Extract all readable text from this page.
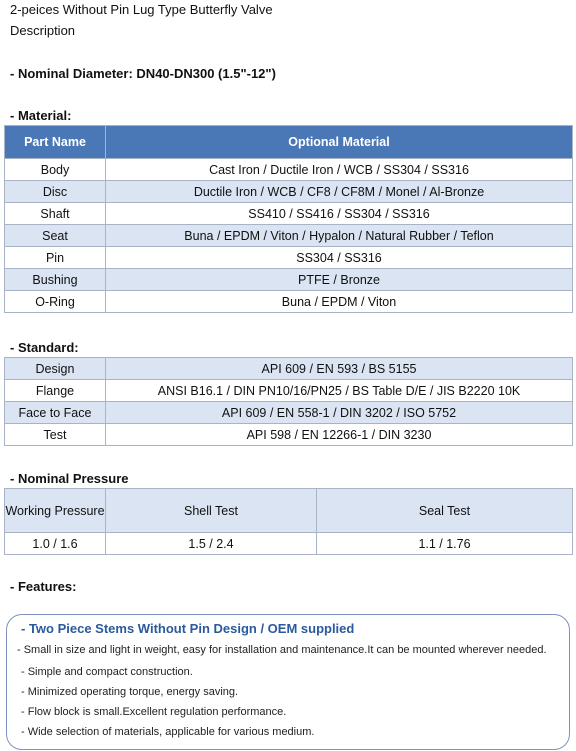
2-peices Without Pin Lug Type Butterfly Valve
Description
- Nominal Diameter: DN40-DN300 (1.5"-12")
- Material:
Part Name	Optional Material
Body	Cast Iron / Ductile Iron / WCB / SS304 / SS316
Disc	Ductile Iron / WCB / CF8 / CF8M / Monel / Al-Bronze
Shaft	SS410 / SS416 / SS304 / SS316
Seat	Buna / EPDM / Viton / Hypalon / Natural Rubber / Teflon
Pin	SS304 / SS316
Bushing	PTFE / Bronze
O-Ring	Buna / EPDM / Viton
- Standard:
Design	API 609 / EN 593 / BS 5155
Flange	ANSI B16.1 / DIN PN10/16/PN25 / BS Table D/E / JIS B2220 10K
Face to Face	API 609 / EN 558-1 / DIN 3202 / ISO 5752
Test	API 598 / EN 12266-1 / DIN 3230
- Nominal Pressure
Working Pressure	Shell Test	Seal Test
1.0 / 1.6	1.5 / 2.4	1.1 / 1.76
- Features:
- Two Piece Stems Without Pin Design / OEM supplied
- Small in size and light in weight, easy for installation and maintenance.It can be mounted wherever needed.
- Simple and compact construction.
- Minimized operating torque, energy saving.
- Flow block is small.Excellent regulation performance.
- Wide selection of materials, applicable for various medium.
